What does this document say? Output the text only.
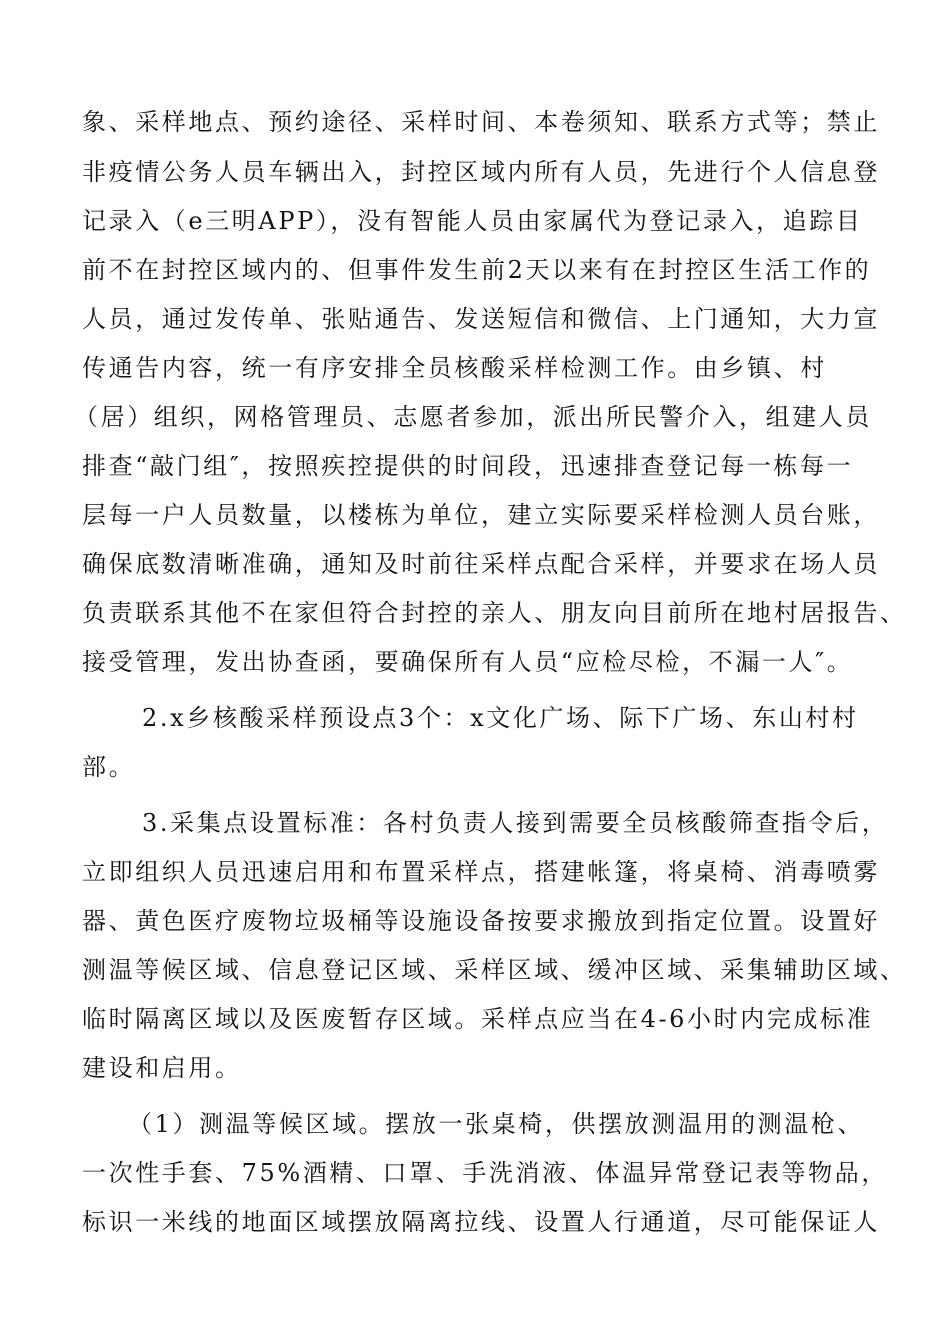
象、采样地点、预约途径、采样时间、本卷须知、联系方式等；禁止
非疫情公务人员车辆出入，封控区域内所有人员，先进行个人信息登
记录入（e三明APP），没有智能人员由家属代为登记录入，追踪目
前不在封控区域内的、但事件发生前2天以来有在封控区生活工作的
人员，通过发传单、张贴通告、发送短信和微信、上门通知，大力宣
传通告内容，统一有序安排全员核酸采样检测工作。由乡镇、村
（居）组织，网格管理员、志愿者参加，派出所民警介入，组建人员
排查“敲门组″，按照疾控提供的时间段，迅速排查登记每一栋每一
层每一户人员数量，以楼栋为单位，建立实际要采样检测人员台账，
确保底数清晰准确，通知及时前往采样点配合采样，并要求在场人员
负责联系其他不在家但符合封控的亲人、朋友向目前所在地村居报告、
接受管理，发出协查函，要确保所有人员“应检尽检，不漏一人″。
2.x乡核酸采样预设点3个：x文化广场、际下广场、东山村村
部。
3.采集点设置标准：各村负责人接到需要全员核酸筛查指令后，
立即组织人员迅速启用和布置采样点，搭建帐篷，将桌椅、消毒喷雾
器、黄色医疗废物垃圾桶等设施设备按要求搬放到指定位置。设置好
测温等候区域、信息登记区域、采样区域、缓冲区域、采集辅助区域、
临时隔离区域以及医废暂存区域。采样点应当在4-6小时内完成标准
建设和启用。
（1）测温等候区域。摆放一张桌椅，供摆放测温用的测温枪、
一次性手套、75%酒精、口罩、手洗消液、体温异常登记表等物品，
标识一米线的地面区域摆放隔离拉线、设置人行通道，尽可能保证人
